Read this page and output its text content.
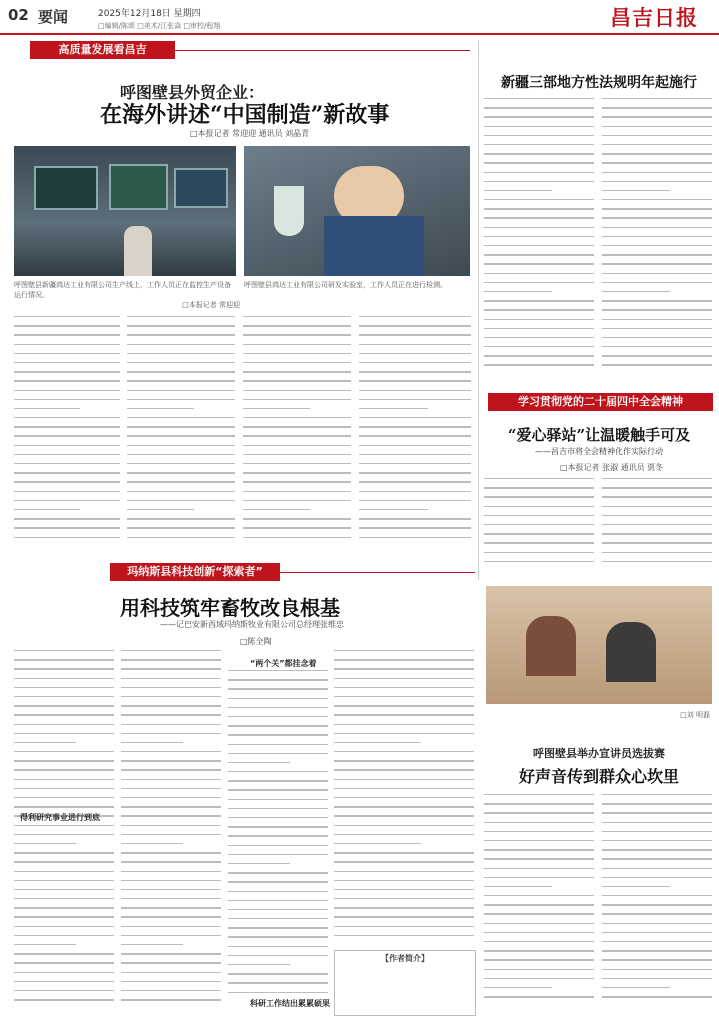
02 要闻	2025年12月18日 星期四
□编辑/陈颂 □美术/江张焱 □审校/程翔	昌吉日报
高质量发展看昌吉
呼图壁县外贸企业：
在海外讲述“中国制造”新故事
□本报记者 常迎迎 通讯员 刘晶青
呼图壁县新疆鸿达工业有限公司生产线上，工作人员正在监控生产设备运行情况。
□本报记者 常迎迎
呼图壁县鸿达工业有限公司研发实验室，工作人员正在进行检测。
新疆三部地方性法规明年起施行
学习贯彻党的二十届四中全会精神
“爱心驿站”让温暖触手可及
——昌吉市将全会精神化作实际行动
□本报记者 张淑 通讯员 贾冬
玛纳斯县科技创新“探索者”
用科技筑牢畜牧改良根基
——记巴安新西域玛纳斯牧业有限公司总经理张维忠
□陈全陶
得利研究事业进行到底
“两个关”都挂念着
科研工作结出累累硕果
【作者简介】
□刘 明磊
呼图壁县举办宣讲员选拔赛
好声音传到群众心坎里
